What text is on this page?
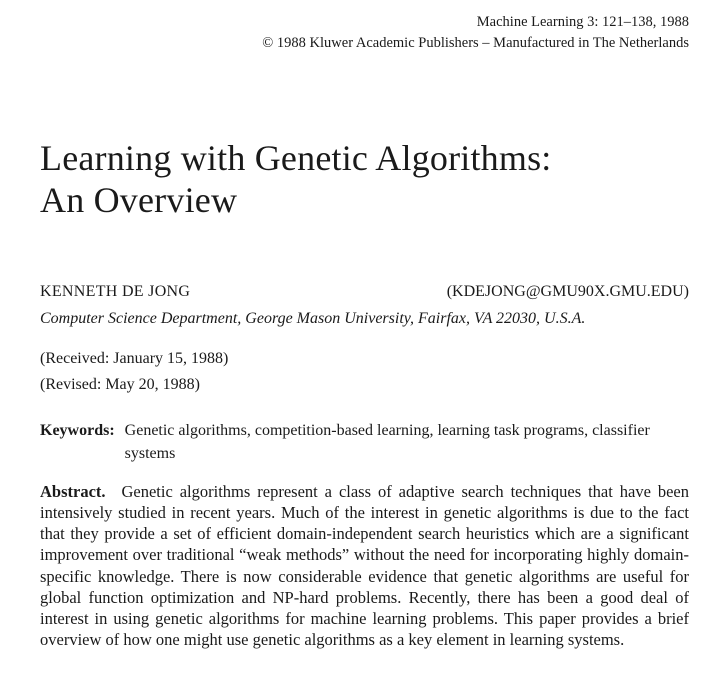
Machine Learning 3: 121–138, 1988
© 1988 Kluwer Academic Publishers – Manufactured in The Netherlands
Learning with Genetic Algorithms:
An Overview
KENNETH DE JONG	(KDEJONG@GMU90X.GMU.EDU)
Computer Science Department, George Mason University, Fairfax, VA 22030, U.S.A.
(Received: January 15, 1988)
(Revised: May 20, 1988)
Keywords: Genetic algorithms, competition-based learning, learning task programs, classifier systems

Abstract. Genetic algorithms represent a class of adaptive search techniques that have been intensively studied in recent years. Much of the interest in genetic algorithms is due to the fact that they provide a set of efficient domain-independent search heuristics which are a significant improvement over traditional “weak methods” without the need for incorporating highly domain-specific knowledge. There is now considerable evidence that genetic algorithms are useful for global function optimization and NP-hard problems. Recently, there has been a good deal of interest in using genetic algorithms for machine learning problems. This paper provides a brief overview of how one might use genetic algorithms as a key element in learning systems.
